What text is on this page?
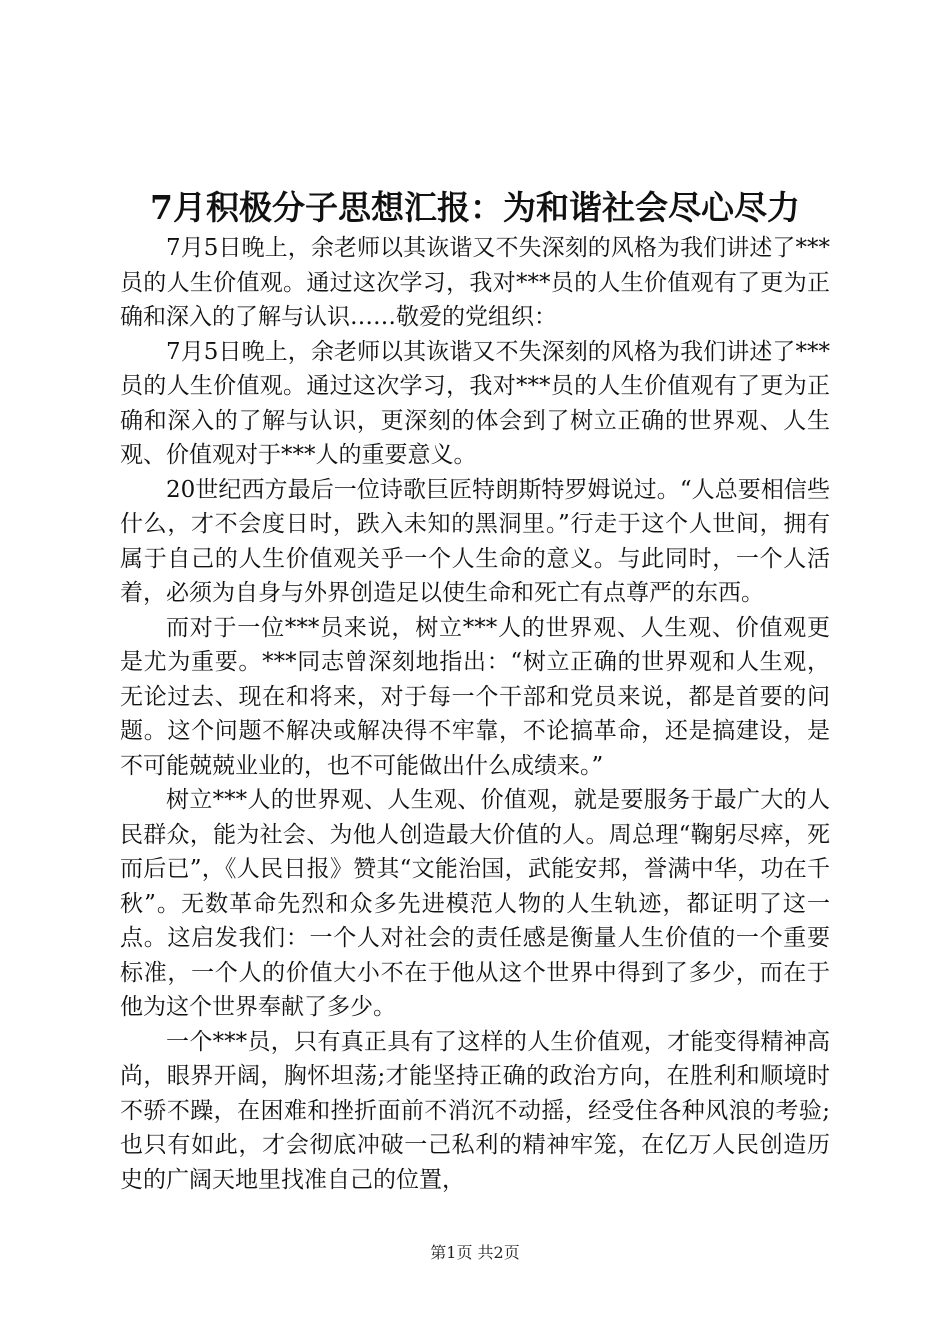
7月积极分子思想汇报：为和谐社会尽心尽力

7月5日晚上，余老师以其诙谐又不失深刻的风格为我们讲述了***员的人生价值观。通过这次学习，我对***员的人生价值观有了更为正确和深入的了解与认识……敬爱的党组织：

7月5日晚上，余老师以其诙谐又不失深刻的风格为我们讲述了***员的人生价值观。通过这次学习，我对***员的人生价值观有了更为正确和深入的了解与认识，更深刻的体会到了树立正确的世界观、人生观、价值观对于***人的重要意义。

20世纪西方最后一位诗歌巨匠特朗斯特罗姆说过。“人总要相信些什么，才不会度日时，跌入未知的黑洞里。”行走于这个人世间，拥有属于自己的人生价值观关乎一个人生命的意义。与此同时，一个人活着，必须为自身与外界创造足以使生命和死亡有点尊严的东西。

而对于一位***员来说，树立***人的世界观、人生观、价值观更是尤为重要。***同志曾深刻地指出：“树立正确的世界观和人生观，无论过去、现在和将来，对于每一个干部和党员来说，都是首要的问题。这个问题不解决或解决得不牢靠，不论搞革命，还是搞建设，是不可能兢兢业业的，也不可能做出什么成绩来。”

树立***人的世界观、人生观、价值观，就是要服务于最广大的人民群众，能为社会、为他人创造最大价值的人。周总理“鞠躬尽瘁，死而后已”，《人民日报》赞其“文能治国，武能安邦，誉满中华，功在千秋”。无数革命先烈和众多先进模范人物的人生轨迹，都证明了这一点。这启发我们：一个人对社会的责任感是衡量人生价值的一个重要标准，一个人的价值大小不在于他从这个世界中得到了多少，而在于他为这个世界奉献了多少。

一个***员，只有真正具有了这样的人生价值观，才能变得精神高尚，眼界开阔，胸怀坦荡;才能坚持正确的政治方向，在胜利和顺境时不骄不躁，在困难和挫折面前不消沉不动摇，经受住各种风浪的考验;也只有如此，才会彻底冲破一己私利的精神牢笼，在亿万人民创造历史的广阔天地里找准自己的位置，

第1页 共2页
